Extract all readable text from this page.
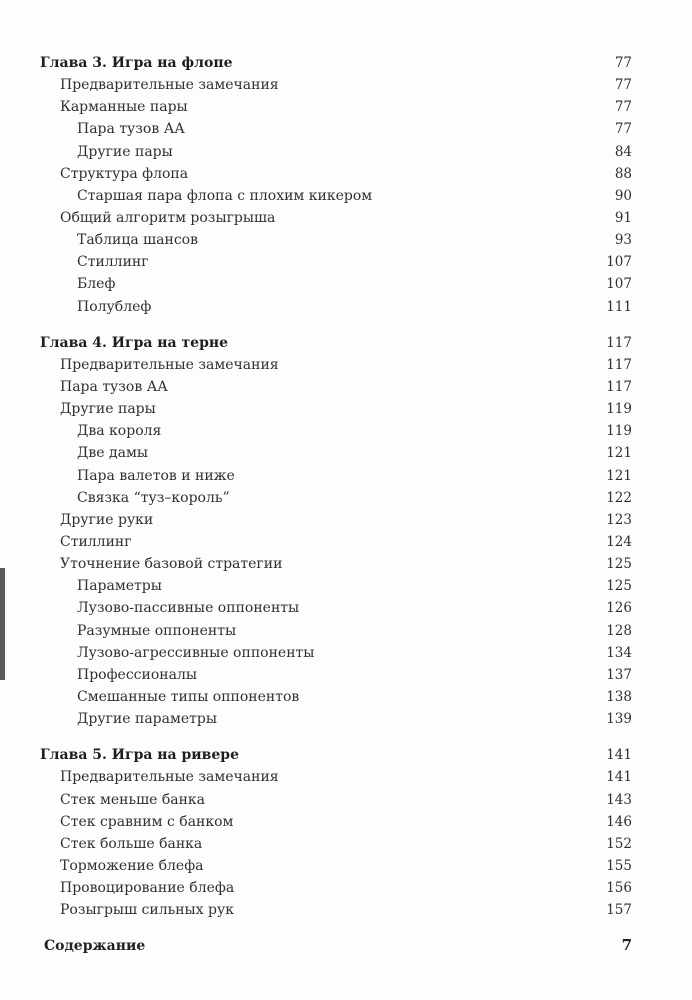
Глава 3. Игра на флопе	77
Предварительные замечания	77
Карманные пары	77
Пара тузов АА	77
Другие пары	84
Структура флопа	88
Старшая пара флопа с плохим кикером	90
Общий алгоритм розыгрыша	91
Таблица шансов	93
Стиллинг	107
Блеф	107
Полублеф	111
Глава 4. Игра на терне	117
Предварительные замечания	117
Пара тузов АА	117
Другие пары	119
Два короля	119
Две дамы	121
Пара валетов и ниже	121
Связка “туз–король”	122
Другие руки	123
Стиллинг	124
Уточнение базовой стратегии	125
Параметры	125
Лузово-пассивные оппоненты	126
Разумные оппоненты	128
Лузово-агрессивные оппоненты	134
Профессионалы	137
Смешанные типы оппонентов	138
Другие параметры	139
Глава 5. Игра на ривере	141
Предварительные замечания	141
Стек меньше банка	143
Стек сравним с банком	146
Стек больше банка	152
Торможение блефа	155
Провоцирование блефа	156
Розыгрыш сильных рук	157
Содержание	7
